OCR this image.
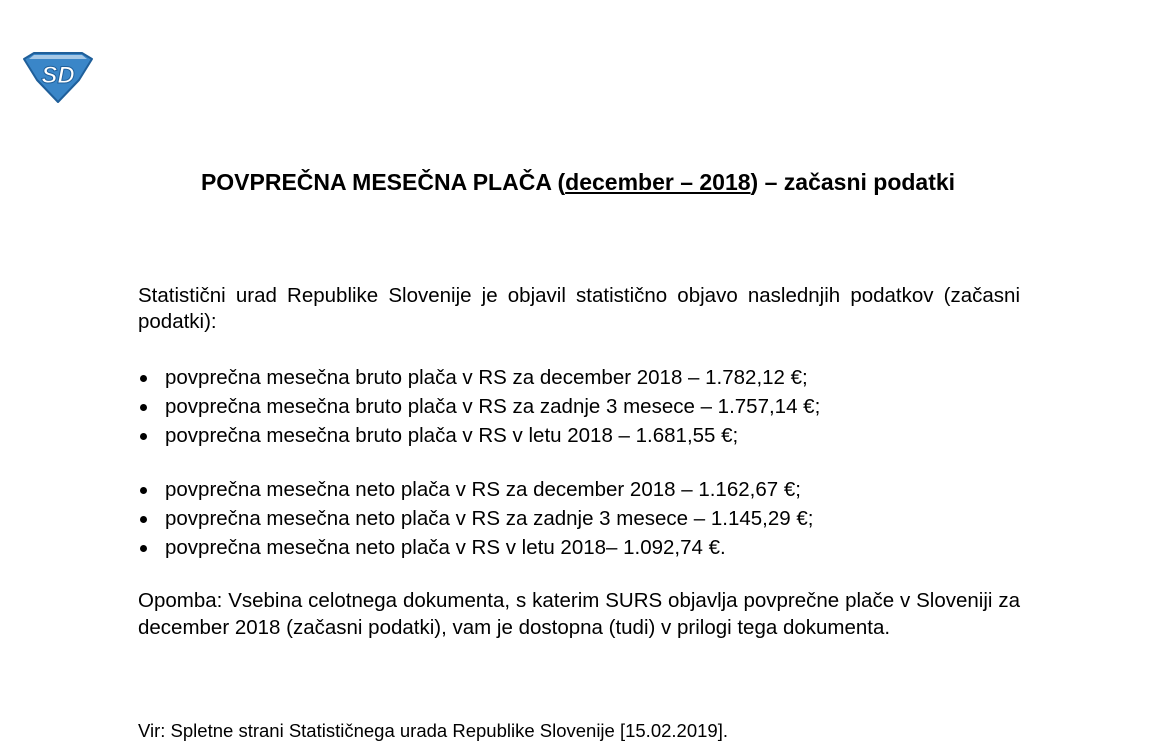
SD
POVPREČNA MESEČNA PLAČA (december – 2018) – začasni podatki

Statistični urad Republike Slovenije je objavil statistično objavo naslednjih podatkov (začasni podatki):

povprečna mesečna bruto plača v RS za december 2018 – 1.782,12 €;
povprečna mesečna bruto plača v RS za zadnje 3 mesece – 1.757,14 €;
povprečna mesečna bruto plača v RS v letu 2018 – 1.681,55 €;
povprečna mesečna neto plača v RS za december 2018 – 1.162,67 €;
povprečna mesečna neto plača v RS za zadnje 3 mesece – 1.145,29 €;
povprečna mesečna neto plača v RS v letu 2018– 1.092,74 €.

Opomba: Vsebina celotnega dokumenta, s katerim SURS objavlja povprečne plače v Sloveniji za december 2018 (začasni podatki), vam je dostopna (tudi) v prilogi tega dokumenta.

Vir: Spletne strani Statističnega urada Republike Slovenije [15.02.2019].
